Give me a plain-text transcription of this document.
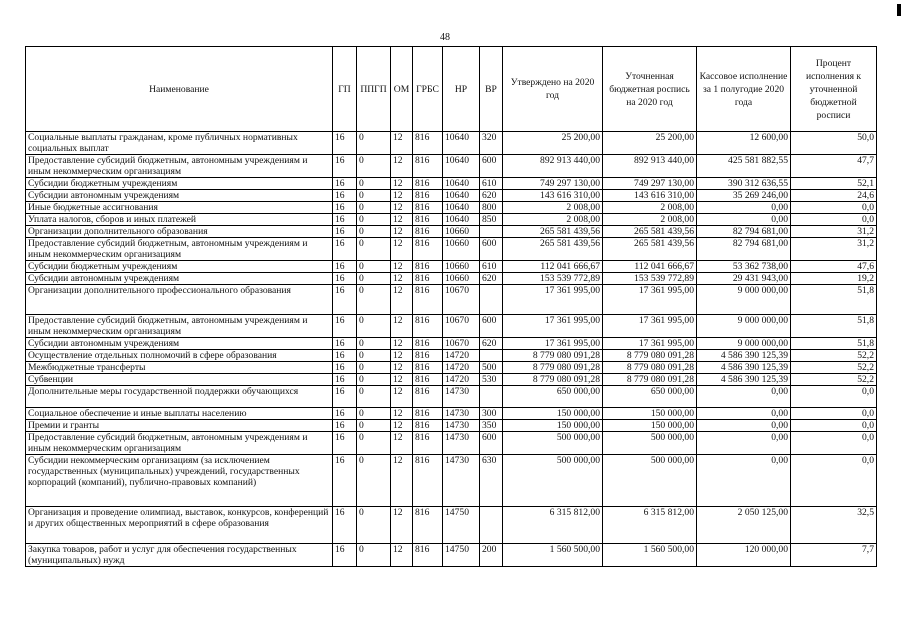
48
Наименование	ГП	ППГП	ОМ	ГРБС	НР	ВР	Утверждено на 2020 год	Уточненная бюджетная роспись на 2020 год	Кассовое исполнение за 1 полугодие 2020 года	Процент исполнения к уточненной бюджетной росписи
Социальные выплаты гражданам, кроме публичных нормативных социальных выплат	16	0	12	816	10640	320	25 200,00	25 200,00	12 600,00	50,0
Предоставление субсидий бюджетным, автономным учреждениям и иным некоммерческим организациям	16	0	12	816	10640	600	892 913 440,00	892 913 440,00	425 581 882,55	47,7
Субсидии бюджетным учреждениям	16	0	12	816	10640	610	749 297 130,00	749 297 130,00	390 312 636,55	52,1
Субсидии автономным учреждениям	16	0	12	816	10640	620	143 616 310,00	143 616 310,00	35 269 246,00	24,6
Иные бюджетные ассигнования	16	0	12	816	10640	800	2 008,00	2 008,00	0,00	0,0
Уплата налогов, сборов и иных платежей	16	0	12	816	10640	850	2 008,00	2 008,00	0,00	0,0
Организации дополнительного образования	16	0	12	816	10660		265 581 439,56	265 581 439,56	82 794 681,00	31,2
Предоставление субсидий бюджетным, автономным учреждениям и иным некоммерческим организациям	16	0	12	816	10660	600	265 581 439,56	265 581 439,56	82 794 681,00	31,2
Субсидии бюджетным учреждениям	16	0	12	816	10660	610	112 041 666,67	112 041 666,67	53 362 738,00	47,6
Субсидии автономным учреждениям	16	0	12	816	10660	620	153 539 772,89	153 539 772,89	29 431 943,00	19,2
Организации дополнительного профессионального образования	16	0	12	816	10670		17 361 995,00	17 361 995,00	9 000 000,00	51,8
Предоставление субсидий бюджетным, автономным учреждениям и иным некоммерческим организациям	16	0	12	816	10670	600	17 361 995,00	17 361 995,00	9 000 000,00	51,8
Субсидии автономным учреждениям	16	0	12	816	10670	620	17 361 995,00	17 361 995,00	9 000 000,00	51,8
Осуществление отдельных полномочий в сфере образования	16	0	12	816	14720		8 779 080 091,28	8 779 080 091,28	4 586 390 125,39	52,2
Межбюджетные трансферты	16	0	12	816	14720	500	8 779 080 091,28	8 779 080 091,28	4 586 390 125,39	52,2
Субвенции	16	0	12	816	14720	530	8 779 080 091,28	8 779 080 091,28	4 586 390 125,39	52,2
Дополнительные меры государственной поддержки обучающихся	16	0	12	816	14730		650 000,00	650 000,00	0,00	0,0
Социальное обеспечение и иные выплаты населению	16	0	12	816	14730	300	150 000,00	150 000,00	0,00	0,0
Премии и гранты	16	0	12	816	14730	350	150 000,00	150 000,00	0,00	0,0
Предоставление субсидий бюджетным, автономным учреждениям и иным некоммерческим организациям	16	0	12	816	14730	600	500 000,00	500 000,00	0,00	0,0
Субсидии некоммерческим организациям (за исключением государственных (муниципальных) учреждений, государственных корпораций (компаний), публично-правовых компаний)	16	0	12	816	14730	630	500 000,00	500 000,00	0,00	0,0
Организация и проведение олимпиад, выставок, конкурсов, конференций и других общественных мероприятий в сфере образования	16	0	12	816	14750		6 315 812,00	6 315 812,00	2 050 125,00	32,5
Закупка товаров, работ и услуг для обеспечения государственных (муниципальных) нужд	16	0	12	816	14750	200	1 560 500,00	1 560 500,00	120 000,00	7,7
